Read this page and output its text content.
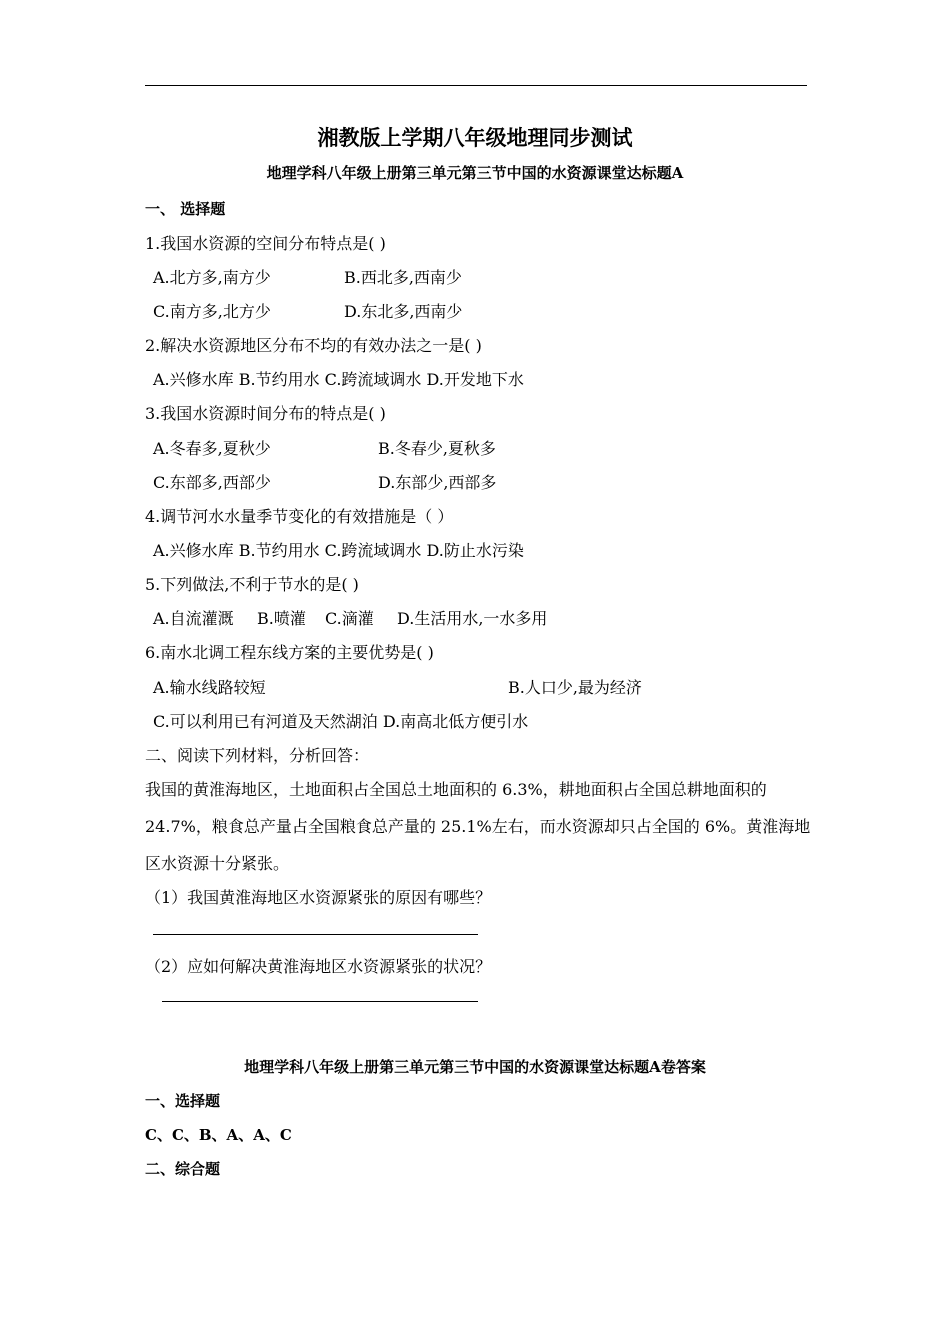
湘教版上学期八年级地理同步测试
地理学科八年级上册第三单元第三节中国的水资源课堂达标题A
一、 选择题
1.我国水资源的空间分布特点是( )
A.北方多,南方少	B.西北多,西南少
C.南方多,北方少	D.东北多,西南少
2.解决水资源地区分布不均的有效办法之一是( )
A.兴修水库 B.节约用水 C.跨流域调水 D.开发地下水
3.我国水资源时间分布的特点是( )
A.冬春多,夏秋少	B.冬春少,夏秋多
C.东部多,西部少	D.东部少,西部多
4.调节河水水量季节变化的有效措施是（ ）
A.兴修水库 B.节约用水 C.跨流域调水 D.防止水污染
5.下列做法,不利于节水的是( )
A.自流灌溉 B.喷灌 C.滴灌 D.生活用水,一水多用
6.南水北调工程东线方案的主要优势是( )
A.输水线路较短	B.人口少,最为经济
C.可以利用已有河道及天然湖泊 D.南高北低方便引水
二、阅读下列材料，分析回答：
我国的黄淮海地区，土地面积占全国总土地面积的 6.3%，耕地面积占全国总耕地面积的
24.7%，粮食总产量占全国粮食总产量的 25.1%左右，而水资源却只占全国的 6%。黄淮海地
区水资源十分紧张。
（1）我国黄淮海地区水资源紧张的原因有哪些？
（2）应如何解决黄淮海地区水资源紧张的状况？
地理学科八年级上册第三单元第三节中国的水资源课堂达标题A卷答案
一、选择题
C、C、B、A、A、C
二、综合题
